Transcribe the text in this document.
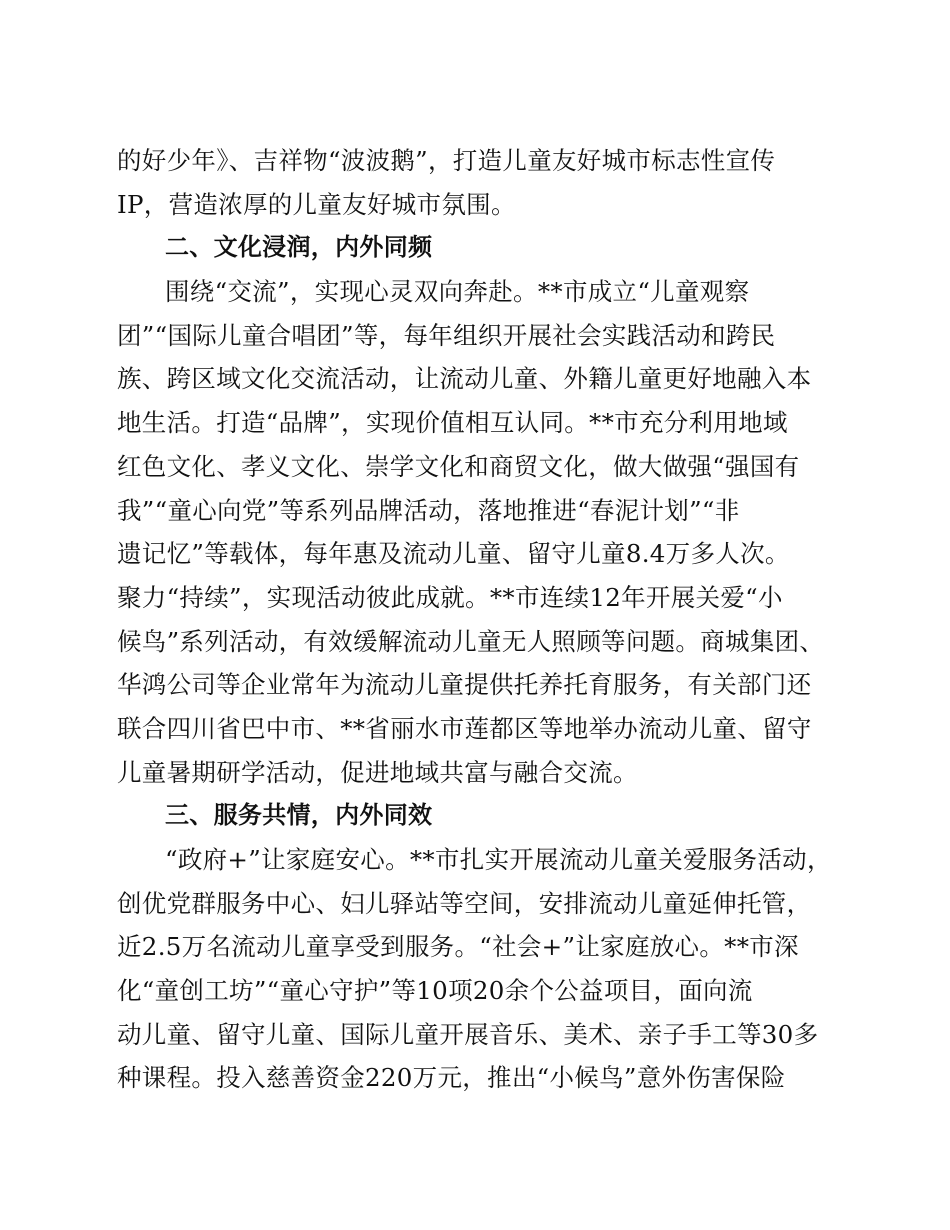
的好少年》、吉祥物“波波鹅”，打造儿童友好城市标志性宣传
IP，营造浓厚的儿童友好城市氛围。
二、文化浸润，内外同频
围绕“交流”，实现心灵双向奔赴。**市成立“儿童观察
团”“国际儿童合唱团”等，每年组织开展社会实践活动和跨民
族、跨区域文化交流活动，让流动儿童、外籍儿童更好地融入本
地生活。打造“品牌”，实现价值相互认同。**市充分利用地域
红色文化、孝义文化、崇学文化和商贸文化，做大做强“强国有
我”“童心向党”等系列品牌活动，落地推进“春泥计划”“非
遗记忆”等载体，每年惠及流动儿童、留守儿童8.4万多人次。
聚力“持续”，实现活动彼此成就。**市连续12年开展关爱“小
候鸟”系列活动，有效缓解流动儿童无人照顾等问题。商城集团、
华鸿公司等企业常年为流动儿童提供托养托育服务，有关部门还
联合四川省巴中市、**省丽水市莲都区等地举办流动儿童、留守
儿童暑期研学活动，促进地域共富与融合交流。
三、服务共情，内外同效
“政府+”让家庭安心。**市扎实开展流动儿童关爱服务活动，
创优党群服务中心、妇儿驿站等空间，安排流动儿童延伸托管，
近2.5万名流动儿童享受到服务。“社会+”让家庭放心。**市深
化“童创工坊”“童心守护”等10项20余个公益项目，面向流
动儿童、留守儿童、国际儿童开展音乐、美术、亲子手工等30多
种课程。投入慈善资金220万元，推出“小候鸟”意外伤害保险
